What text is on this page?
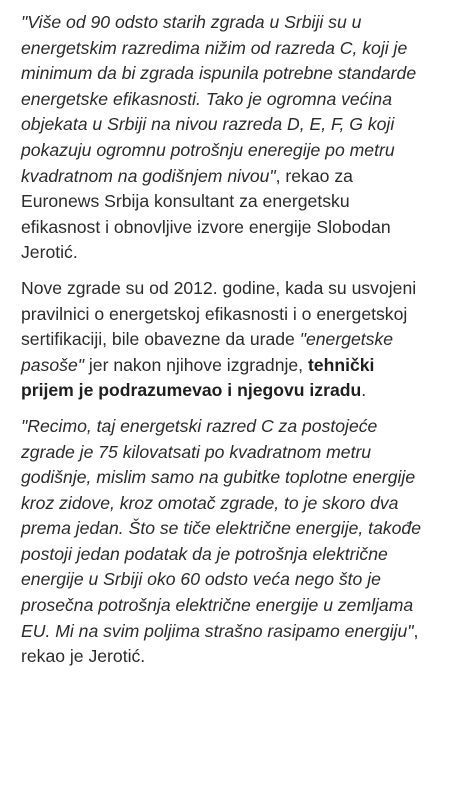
"Više od 90 odsto starih zgrada u Srbiji su u energetskim razredima nižim od razreda C, koji je minimum da bi zgrada ispunila potrebne standarde energetske efikasnosti. Tako je ogromna većina objekata u Srbiji na nivou razreda D, E, F, G koji pokazuju ogromnu potrošnju eneregije po metru kvadratnom na godišnjem nivou", rekao za Euronews Srbija konsultant za energetsku efikasnost i obnovljive izvore energije Slobodan Jerotić.

Nove zgrade su od 2012. godine, kada su usvojeni pravilnici o energetskoj efikasnosti i o energetskoj sertifikaciji, bile obavezne da urade "energetske pasoše" jer nakon njihove izgradnje, tehnički prijem je podrazumevao i njegovu izradu.

"Recimo, taj energetski razred C za postojeće zgrade je 75 kilovatsati po kvadratnom metru godišnje, mislim samo na gubitke toplotne energije kroz zidove, kroz omotač zgrade, to je skoro dva prema jedan. Što se tiče električne energije, takođe postoji jedan podatak da je potrošnja električne energije u Srbiji oko 60 odsto veća nego što je prosečna potrošnja električne energije u zemljama EU. Mi na svim poljima strašno rasipamo energiju", rekao je Jerotić.
